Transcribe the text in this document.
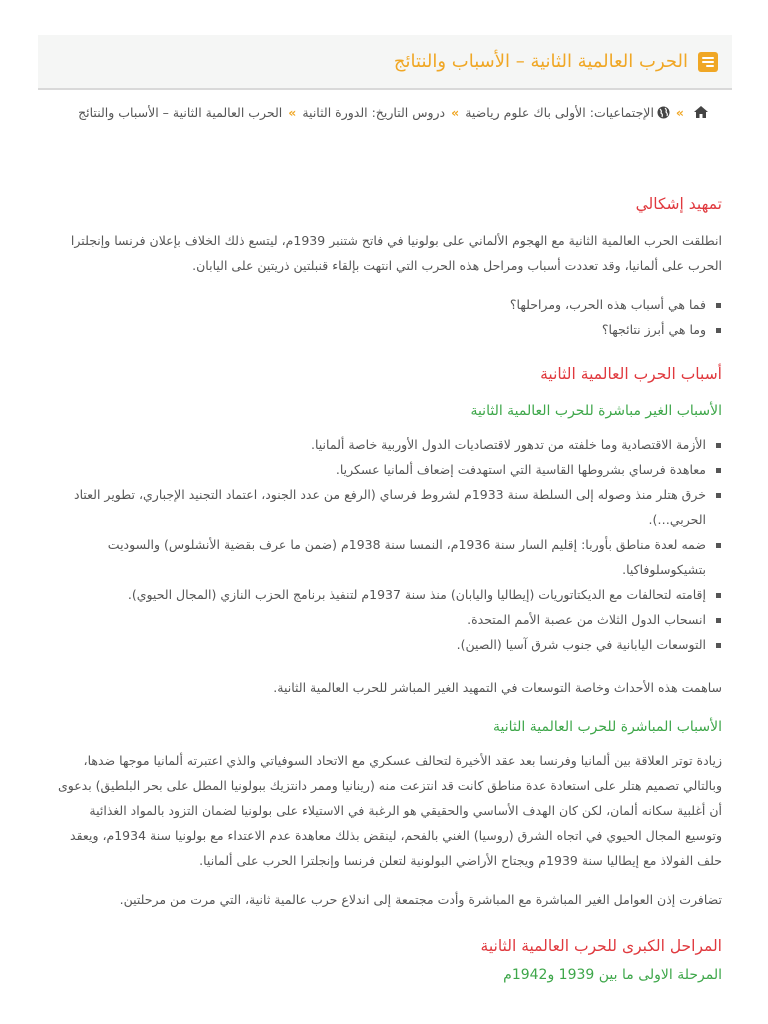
الحرب العالمية الثانية – الأسباب والنتائج
»الإجتماعيات: الأولى باك علوم رياضية»دروس التاريخ: الدورة الثانية»الحرب العالمية الثانية – الأسباب والنتائج
تمهيد إشكالي

انطلقت الحرب العالمية الثانية مع الهجوم الألماني على بولونيا في فاتح شتنبر 1939م، ليتسع ذلك الخلاف بإعلان فرنسا وإنجلترا الحرب على ألمانيا، وقد تعددت أسباب ومراحل هذه الحرب التي انتهت بإلقاء قنبلتين ذريتين على اليابان.

فما هي أسباب هذه الحرب، ومراحلها؟
وما هي أبرز نتائجها؟
أسباب الحرب العالمية الثانية
الأسباب الغير مباشرة للحرب العالمية الثانية
الأزمة الاقتصادية وما خلفته من تدهور لاقتصاديات الدول الأوربية خاصة ألمانيا.
معاهدة فرساي بشروطها القاسية التي استهدفت إضعاف ألمانيا عسكريا.
خرق هتلر منذ وصوله إلى السلطة سنة 1933م لشروط فرساي (الرفع من عدد الجنود، اعتماد التجنيد الإجباري، تطوير العتاد الحربي…).
ضمه لعدة مناطق بأوربا: إقليم السار سنة 1936م، النمسا سنة 1938م (ضمن ما عرف بقضية الأنشلوس) والسوديت بتشيكوسلوفاكيا.
إقامته لتحالفات مع الديكتاتوريات (إيطاليا واليابان) منذ سنة 1937م لتنفيذ برنامج الحزب النازي (المجال الحيوي).
انسحاب الدول الثلاث من عصبة الأمم المتحدة.
التوسعات اليابانية في جنوب شرق آسيا (الصين).

ساهمت هذه الأحداث وخاصة التوسعات في التمهيد الغير المباشر للحرب العالمية الثانية.

الأسباب المباشرة للحرب العالمية الثانية

زيادة توتر العلاقة بين ألمانيا وفرنسا بعد عقد الأخيرة لتحالف عسكري مع الاتحاد السوفياتي والذي اعتبرته ألمانيا موجها ضدها، وبالتالي تصميم هتلر على استعادة عدة مناطق كانت قد انتزعت منه (رينانيا وممر دانتزيك ببولونيا المطل على بحر البلطيق) بدعوى أن أغلبية سكانه ألمان، لكن كان الهدف الأساسي والحقيقي هو الرغبة في الاستيلاء على بولونيا لضمان التزود بالمواد الغذائية وتوسيع المجال الحيوي في اتجاه الشرق (روسيا) الغني بالفحم، لينقض بذلك معاهدة عدم الاعتداء مع بولونيا سنة 1934م، ويعقد حلف الفولاذ مع إيطاليا سنة 1939م ويجتاح الأراضي البولونية لتعلن فرنسا وإنجلترا الحرب على ألمانيا.

تضافرت إذن العوامل الغير المباشرة مع المباشرة وأدت مجتمعة إلى اندلاع حرب عالمية ثانية، التي مرت من مرحلتين.

المراحل الكبرى للحرب العالمية الثانية
المرحلة الاولى ما بين 1939 و1942م
